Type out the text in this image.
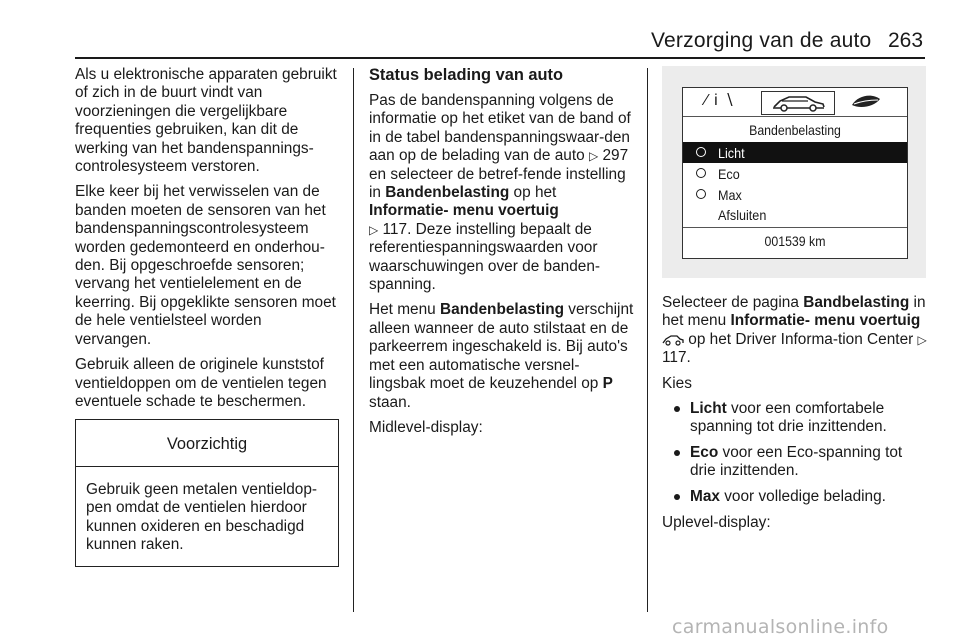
Verzorging van de auto 263

Als u elektronische apparaten gebruikt of zich in de buurt vindt van voorzieningen die vergelijkbare frequenties gebruiken, kan dit de werking van het bandenspannings-controlesysteem verstoren.

Elke keer bij het verwisselen van de banden moeten de sensoren van het bandenspanningscontrolesysteem worden gedemonteerd en onderhou-den. Bij opgeschroefde sensoren; vervang het ventielelement en de keerring. Bij opgeklikte sensoren moet de hele ventielsteel worden vervangen.

Gebruik alleen de originele kunststof ventieldoppen om de ventielen tegen eventuele schade te beschermen.

Voorzichtig
Gebruik geen metalen ventieldop-pen omdat de ventielen hierdoor kunnen oxideren en beschadigd kunnen raken.
Status belading van auto

Pas de bandenspanning volgens de informatie op het etiket van de band of in de tabel bandenspanningswaar-den aan op de belading van de auto ▷ 297 en selecteer de betref-fende instelling in Bandenbelasting op het Informatie- menu voertuig
▷ 117. Deze instelling bepaalt de referentiespanningswaarden voor waarschuwingen over de banden-spanning.

Het menu Bandenbelasting verschijnt alleen wanneer de auto stilstaat en de parkeerrem ingeschakeld is. Bij auto's met een automatische versnel-lingsbak moet de keuzehendel op P staan.

Midlevel-display:

⁄ i ∖
Bandenbelasting
Licht
Eco
Max
Afsluiten
001539 km

Selecteer de pagina Bandbelasting in het menu Informatie- menu voertuig  op het Driver Informa-tion Center ▷ 117.

Kies

Licht voor een comfortabele spanning tot drie inzittenden.
Eco voor een Eco-spanning tot drie inzittenden.
Max voor volledige belading.

Uplevel-display:

carmanualsonline.info
